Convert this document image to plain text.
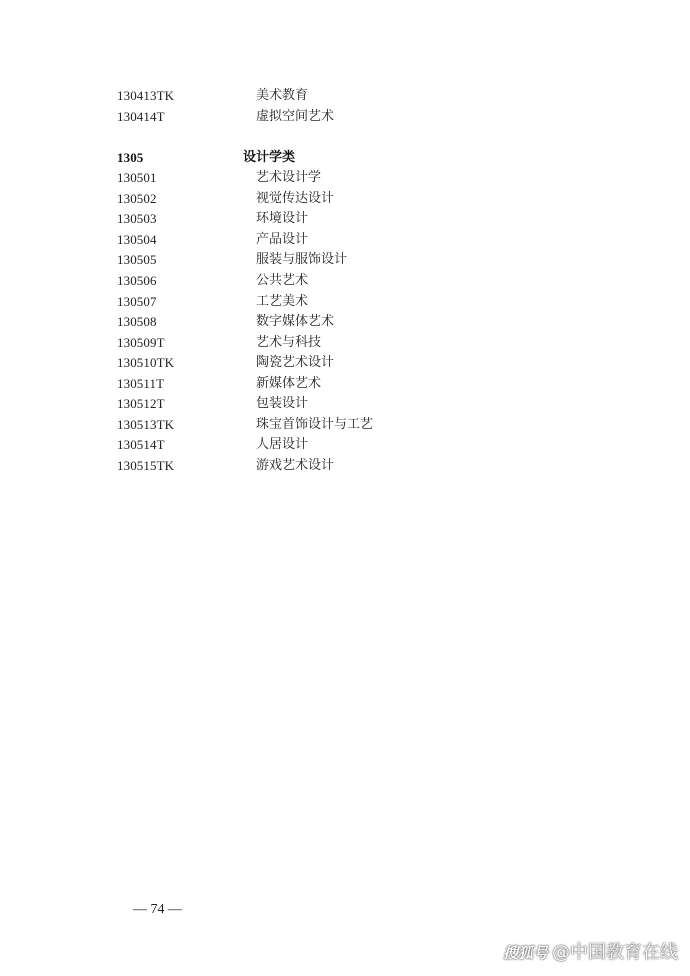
130413TK	美术教育
130414T	虚拟空间艺术
1305	设计学类
130501	艺术设计学
130502	视觉传达设计
130503	环境设计
130504	产品设计
130505	服装与服饰设计
130506	公共艺术
130507	工艺美术
130508	数字媒体艺术
130509T	艺术与科技
130510TK	陶瓷艺术设计
130511T	新媒体艺术
130512T	包装设计
130513TK	珠宝首饰设计与工艺
130514T	人居设计
130515TK	游戏艺术设计
— 74 —
搜狐号 @中国教育在线
